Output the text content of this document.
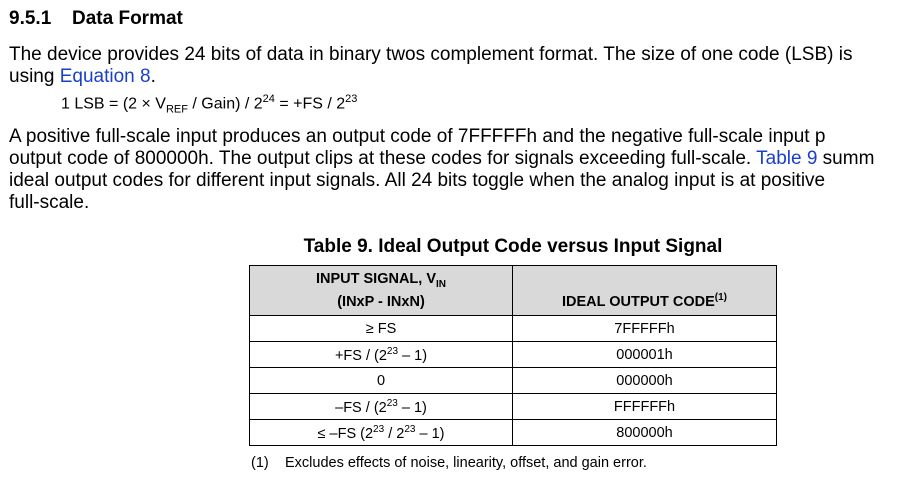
9.5.1 Data Format

The device provides 24 bits of data in binary twos complement format. The size of one code (LSB) is

using Equation 8.

1 LSB = ($2 \times V_{REF}$ / Gain) / $2^{24} = +FS / 2^{23}$

A positive full-scale input produces an output code of 7FFFFFh and the negative full-scale input p

output code of 800000h. The output clips at these codes for signals exceeding full-scale. Table 9 summ

ideal output codes for different input signals. All 24 bits toggle when the analog input is at positive

full-scale.

Table 9. Ideal Output Code versus Input Signal

INPUT SIGNAL, $V_{IN}$
(INxP - INxN)	IDEAL OUTPUT $CODE^{(1)}$
≥ FS	7FFFFFh
$+FS / (2^{23} - 1)$	000001h
0	000000h
$-FS / (2^{23} - 1)$	FFFFFFh
≤ –FS $(2^{23} / 2^{23} - 1)$	800000h

(1) Excludes effects of noise, linearity, offset, and gain error.
